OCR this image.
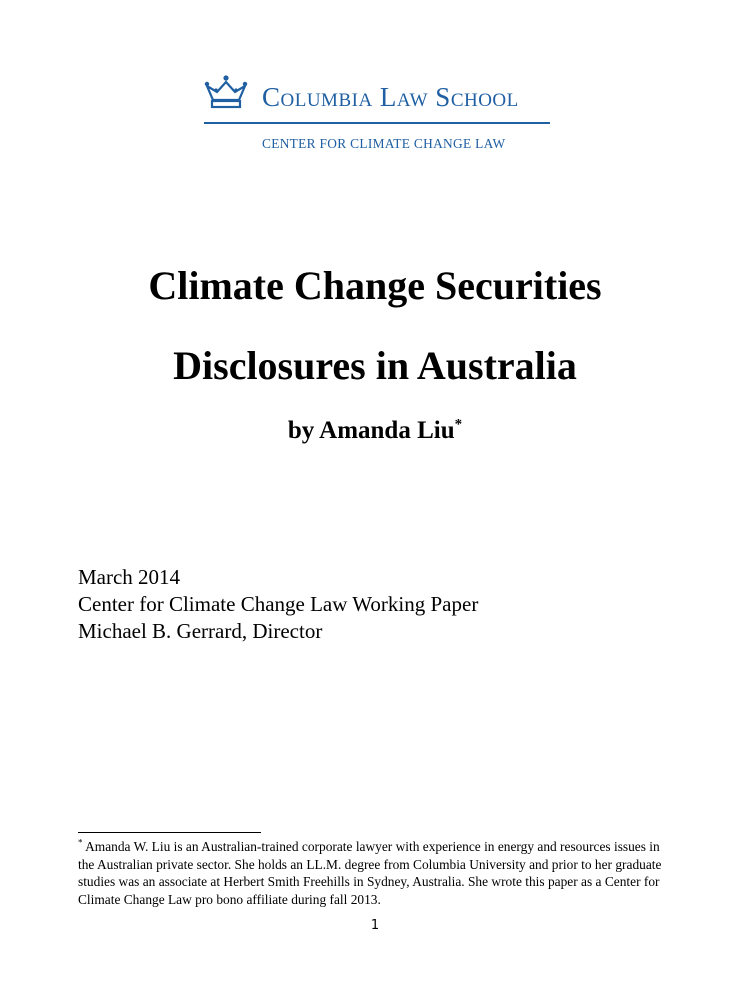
Columbia Law School
CENTER FOR CLIMATE CHANGE LAW
Climate Change Securities
Disclosures in Australia
by Amanda Liu*
March 2014
Center for Climate Change Law Working Paper
Michael B. Gerrard, Director
* Amanda W. Liu is an Australian-trained corporate lawyer with experience in energy and resources issues in the Australian private sector. She holds an LL.M. degree from Columbia University and prior to her graduate studies was an associate at Herbert Smith Freehills in Sydney, Australia. She wrote this paper as a Center for Climate Change Law pro bono affiliate during fall 2013.
1
